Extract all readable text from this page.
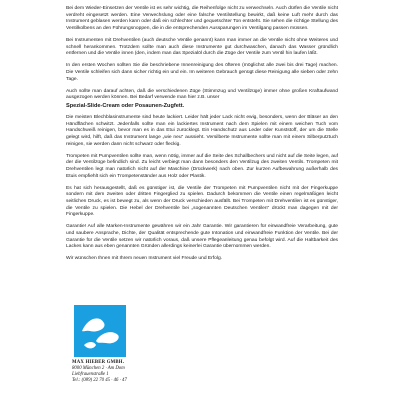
Bei dem Wieder-Einsetzen der Ventile ist es sehr wichtig, die Reihenfolge nicht zu verwechseln. Auch dürfen die Ventile nicht verdreht eingesetzt werden. Eine Verwechslung oder eine falsche Ventilstellung bewirkt, daß keine Luft mehr durch das Instrument geblasen werden kann oder daß ein schlechter und gequetschter Ton entsteht. Sie sehen die richtige Stellung des Ventilkolbens an den Führungsnoppen, die in die entsprechenden Aussparungen im Ventilgang passen müssen.

Bei Instrumenten mit Drehventilen (auch deutsche Ventile genannt) kann man immer an die Ventile nicht ohne Weiteres und schnell herankommen. Trotzdem sollte man auch diese Instrumente gut durchwaschen, danach das Wasser gründlich entfernen und die Ventile innen (den, indem man das Spezialöl durch die Züge der Ventile zum Ventil hin laufen läßt.

In den ersten Wochen sollten Sie die beschriebene Innenreinigung des öfteren (möglichst alle zwei bis drei Tage) machen. Die Ventile schleifen sich dann sicher richtig ein und ein. Im weiteren Gebrauch genügt diese Reinigung alle sieben oder zehn Tage.

Auch sollte man darauf achten, daß die verschiedenen Züge (Stimmzug und Ventilzüge) immer ohne großen Kraftaufwand ausgezogen werden können. Bei Bedarf verwende man hier z.B. unser

Spezial-Slide-Cream oder Posaunen-Zugfett.

Die meisten Blechblasinstrumente sind heute lackiert. Leider hält jeder Lack nicht ewig, besonders, wenn der Bläser an den Händflächen schwitzt. Jedenfalls sollte man ein lackiertes Instrument nach dem Spielen mit einem weichen Tuch vom Handschweiß reinigen, bevor man es in das Etui zurücklegt. Ein Handschutz aus Leder oder Kunststoff, der um die Stelle gelegt wird, hilft, daß das Instrument lange „wie neu" aussieht. Versilberte Instrumente sollte man mit einem Silberputztuch reinigen, sie werden dann nicht schwarz oder fleckig.

Trompeten mit Pumpventilen sollte man, wenn nötig, immer auf die Seite des Schallbechers und nicht auf die Seite legen, auf der die Ventilzüge befindlich sind. Zu leicht verbiegt man dann besonders den Ventilzug des zweiten Ventils. Trompeten mit Drehventilen legt man natürlich nicht auf der Maschine (Drückwerk) nach oben. Zur kurzen Aufbewahrung außerhalb des Etuis empfiehlt sich ein Trompetenständer aus Holz oder Plastik.

Es hat sich herausgestellt, daß es günstiger ist, die Ventile der Trompeten mit Pumpventilen nicht mit der Fingerkuppe sondern mit dem zweiten oder dritten Fingerglied zu spielen. Dadurch bekommen die Ventile einen regelmäßigen leicht seitlichen Druck, es ist bewegt zu, als wenn der Druck verschieden ausfällt. Bei Trompeten mit Drehventilen ist es günstiger, die Ventile zu spielen. Die Hebel der Drehventile bei „sogenannten Deutschen Ventilen" drückt man dagegen mit der Fingerkuppe.

Garantie! Auf alle Marken-Instrumente gewähren wir ein Jahr Garantie. Wir garantieren für einwandfreie Verarbeitung, gute und saubere Ansprache, Dichte, der Qualität entsprechende gute Intonation und einwandfreie Funktion der Ventile. Bei der Garantie für die Ventile setzen wir natürlich voraus, daß unsere Pflegeanleitung genau befolgt wird. Auf die Haltbarkeit des Lackes kann aus eben genannten Gründen allerdings keinerlei Garantie übernommen werden.

Wir wünschen Ihnen mit Ihrem neuen Instrument viel Freude und Erfolg.

MAX HIEBER GMBH.
8000 München 2 · Am Dom
Liebfrauenstraße 1
Tel.: (089) 22 70 45 · 46 · 47
